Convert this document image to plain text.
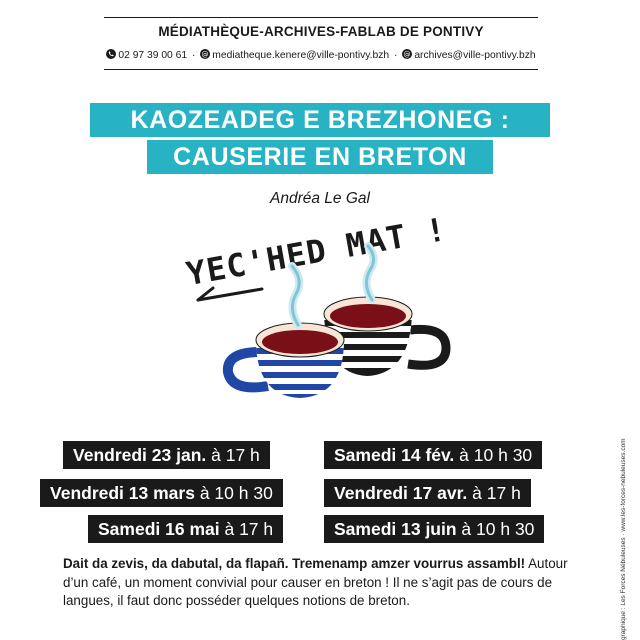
MÉDIATHÈQUE-ARCHIVES-FABLAB DE PONTIVY
02 97 39 00 61 · @ mediatheque.kenere@ville-pontivy.bzh · @ archives@ville-pontivy.bzh
KAOZEADEG E BREZHONEG :
CAUSERIE EN BRETON
Andréa Le Gal
YEC'HED MAT !
Vendredi 23 jan. à 17 h	Samedi 14 fév. à 10 h 30
Vendredi 13 mars à 10 h 30	Vendredi 17 avr. à 17 h
Samedi 16 mai à 17 h	Samedi 13 juin à 10 h 30
Dait da zevis, da dabutal, da flapañ. Tremenamp amzer vourrus assambl! Autour d’un café, un moment convivial pour causer en breton ! Il ne s’agit pas de cours de langues, il faut donc posséder quelques notions de breton.	graphique : Les Forces Nébuleuses · www.les-forces-nebuleuses.com
